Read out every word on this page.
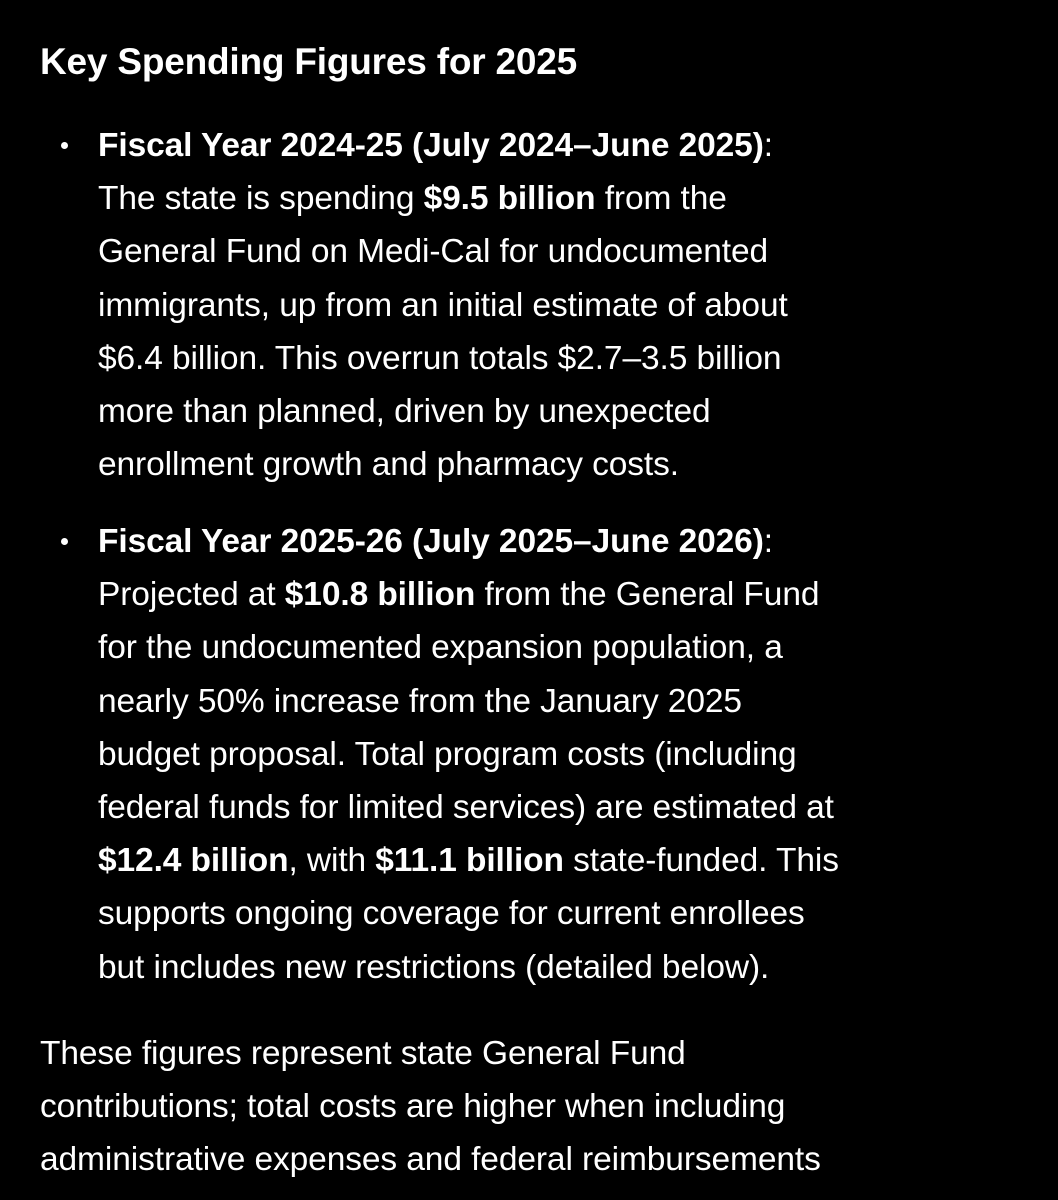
Key Spending Figures for 2025
Fiscal Year 2024-25 (July 2024–June 2025):
The state is spending $9.5 billion from the
General Fund on Medi-Cal for undocumented
immigrants, up from an initial estimate of about
$6.4 billion. This overrun totals $2.7–3.5 billion
more than planned, driven by unexpected
enrollment growth and pharmacy costs.
Fiscal Year 2025-26 (July 2025–June 2026):
Projected at $10.8 billion from the General Fund
for the undocumented expansion population, a
nearly 50% increase from the January 2025
budget proposal. Total program costs (including
federal funds for limited services) are estimated at
$12.4 billion, with $11.1 billion state-funded. This
supports ongoing coverage for current enrollees
but includes new restrictions (detailed below).
These figures represent state General Fund
contributions; total costs are higher when including
administrative expenses and federal reimbursements
